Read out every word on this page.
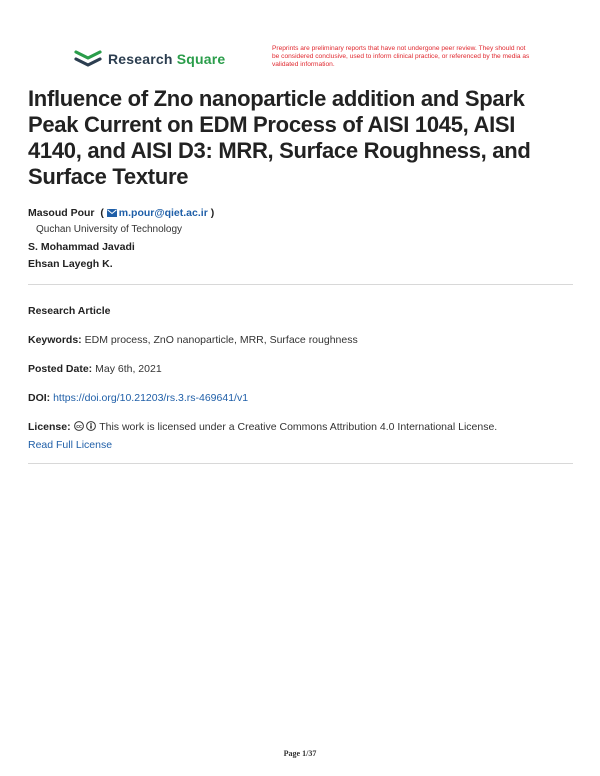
Research Square
Preprints are preliminary reports that have not undergone peer review. They should not be considered conclusive, used to inform clinical practice, or referenced by the media as validated information.
Influence of Zno nanoparticle addition and Spark Peak Current on EDM Process of AISI 1045, AISI 4140, and AISI D3: MRR, Surface Roughness, and Surface Texture
Masoud Pour  ( m.pour@qiet.ac.ir )
Quchan University of Technology
S. Mohammad Javadi
Ehsan Layegh K.
Research Article
Keywords: EDM process, ZnO nanoparticle, MRR, Surface roughness
Posted Date: May 6th, 2021
DOI: https://doi.org/10.21203/rs.3.rs-469641/v1
License: cc This work is licensed under a Creative Commons Attribution 4.0 International License.
Read Full License
Page 1/37
